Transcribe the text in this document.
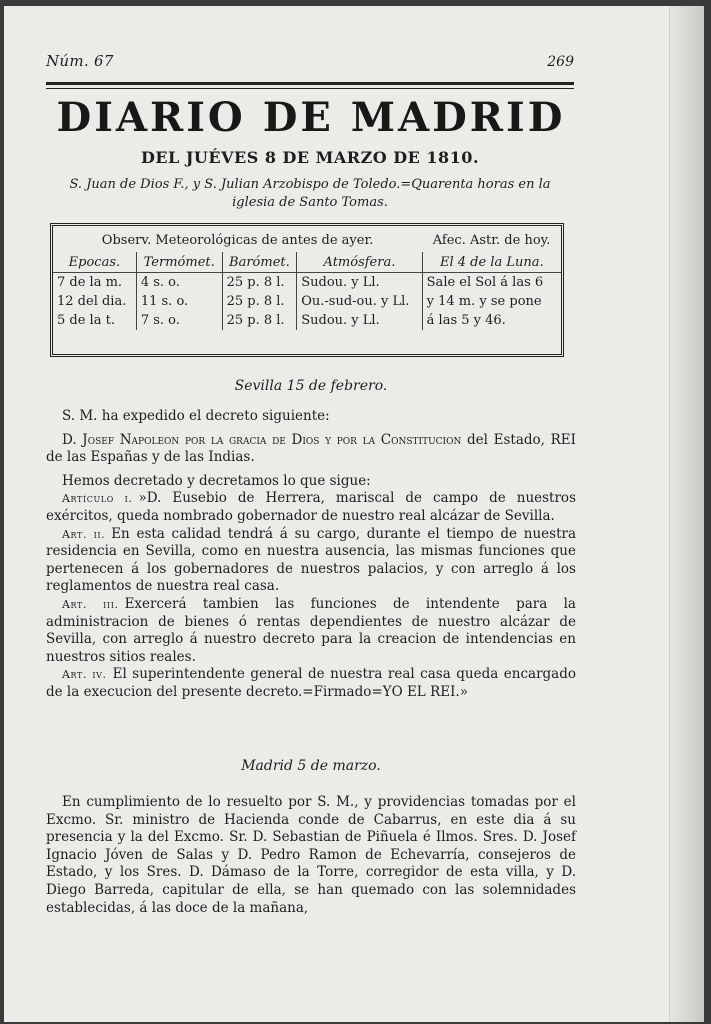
Núm. 67	269
DIARIO DE MADRID
DEL JUÉVES 8 DE MARZO DE 1810.
S. Juan de Dios F., y S. Julian Arzobispo de Toledo.=Quarenta horas en la iglesia de Santo Tomas.
Observ. Meteorológicas de antes de ayer.				Afec. Astr. de hoy.
Epocas.	Termómet.	Barómet.	Atmósfera.	El 4 de la Luna.
7 de la m.	4 s. o.	25 p. 8 l.	Sudou. y Ll.	Sale el Sol á las 6
12 del dia.	11 s. o.	25 p. 8 l.	Ou.-sud-ou. y Ll.	y 14 m. y se pone
5 de la t.	7 s. o.	25 p. 8 l.	Sudou. y Ll.	á las 5 y 46.
Sevilla 15 de febrero.

S. M. ha expedido el decreto siguiente:

D. Josef Napoleon por la gracia de Dios y por la Constitucion del Estado, REI de las Españas y de las Indias.

Hemos decretado y decretamos lo que sigue:

Artículo i. »D. Eusebio de Herrera, mariscal de campo de nuestros exércitos, queda nombrado gobernador de nuestro real alcázar de Sevilla.

Art. ii. En esta calidad tendrá á su cargo, durante el tiempo de nuestra residencia en Sevilla, como en nuestra ausencia, las mismas funciones que pertenecen á los gobernadores de nuestros palacios, y con arreglo á los reglamentos de nuestra real casa.

Art. iii. Exercerá tambien las funciones de intendente para la administracion de bienes ó rentas dependientes de nuestro alcázar de Sevilla, con arreglo á nuestro decreto para la creacion de intendencias en nuestros sitios reales.

Art. iv. El superintendente general de nuestra real casa queda encargado de la execucion del presente decreto.=Firmado=YO EL REI.»

Madrid 5 de marzo.
En cumplimiento de lo resuelto por S. M., y providencias tomadas por el Excmo. Sr. ministro de Hacienda conde de Cabarrus, en este dia á su presencia y la del Excmo. Sr. D. Sebastian de Piñuela é Ilmos. Sres. D. Josef Ignacio Jóven de Salas y D. Pedro Ramon de Echevarría, consejeros de Estado, y los Sres. D. Dámaso de la Torre, corregidor de esta villa, y D. Diego Barreda, capitular de ella, se han quemado con las solemnidades establecidas, á las doce de la mañana,
